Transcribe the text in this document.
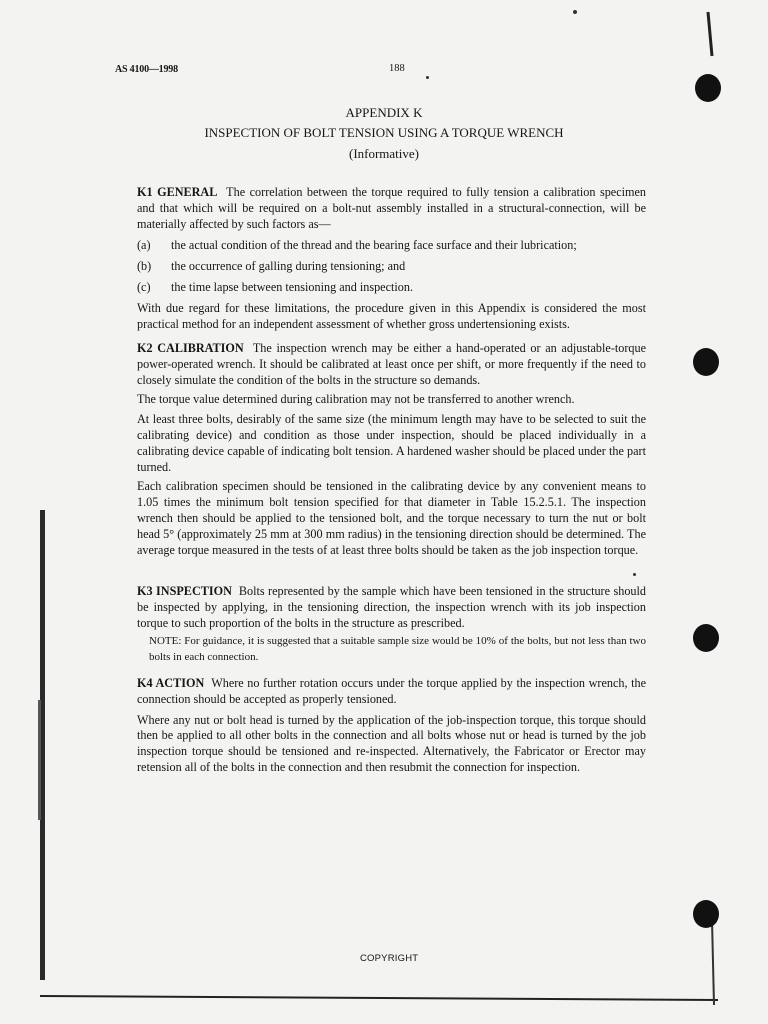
AS 4100—1998	188
APPENDIX K
INSPECTION OF BOLT TENSION USING A TORQUE WRENCH
(Informative)

K1 GENERAL The correlation between the torque required to fully tension a calibration specimen and that which will be required on a bolt-nut assembly installed in a structural-connection, will be materially affected by such factors as—

(a) the actual condition of the thread and the bearing face surface and their lubrication;
(b) the occurrence of galling during tensioning; and
(c) the time lapse between tensioning and inspection.

With due regard for these limitations, the procedure given in this Appendix is considered the most practical method for an independent assessment of whether gross undertensioning exists.

K2 CALIBRATION The inspection wrench may be either a hand-operated or an adjustable-torque power-operated wrench. It should be calibrated at least once per shift, or more frequently if the need to closely simulate the condition of the bolts in the structure so demands.

The torque value determined during calibration may not be transferred to another wrench.

At least three bolts, desirably of the same size (the minimum length may have to be selected to suit the calibrating device) and condition as those under inspection, should be placed individually in a calibrating device capable of indicating bolt tension. A hardened washer should be placed under the part turned.

Each calibration specimen should be tensioned in the calibrating device by any convenient means to 1.05 times the minimum bolt tension specified for that diameter in Table 15.2.5.1. The inspection wrench then should be applied to the tensioned bolt, and the torque necessary to turn the nut or bolt head 5° (approximately 25 mm at 300 mm radius) in the tensioning direction should be determined. The average torque measured in the tests of at least three bolts should be taken as the job inspection torque.

K3 INSPECTION Bolts represented by the sample which have been tensioned in the structure should be inspected by applying, in the tensioning direction, the inspection wrench with its job inspection torque to such proportion of the bolts in the structure as prescribed.

NOTE: For guidance, it is suggested that a suitable sample size would be 10% of the bolts, but not less than two bolts in each connection.

K4 ACTION Where no further rotation occurs under the torque applied by the inspection wrench, the connection should be accepted as properly tensioned.

Where any nut or bolt head is turned by the application of the job-inspection torque, this torque should then be applied to all other bolts in the connection and all bolts whose nut or head is turned by the job inspection torque should be tensioned and re-inspected. Alternatively, the Fabricator or Erector may retension all of the bolts in the connection and then resubmit the connection for inspection.

COPYRIGHT
